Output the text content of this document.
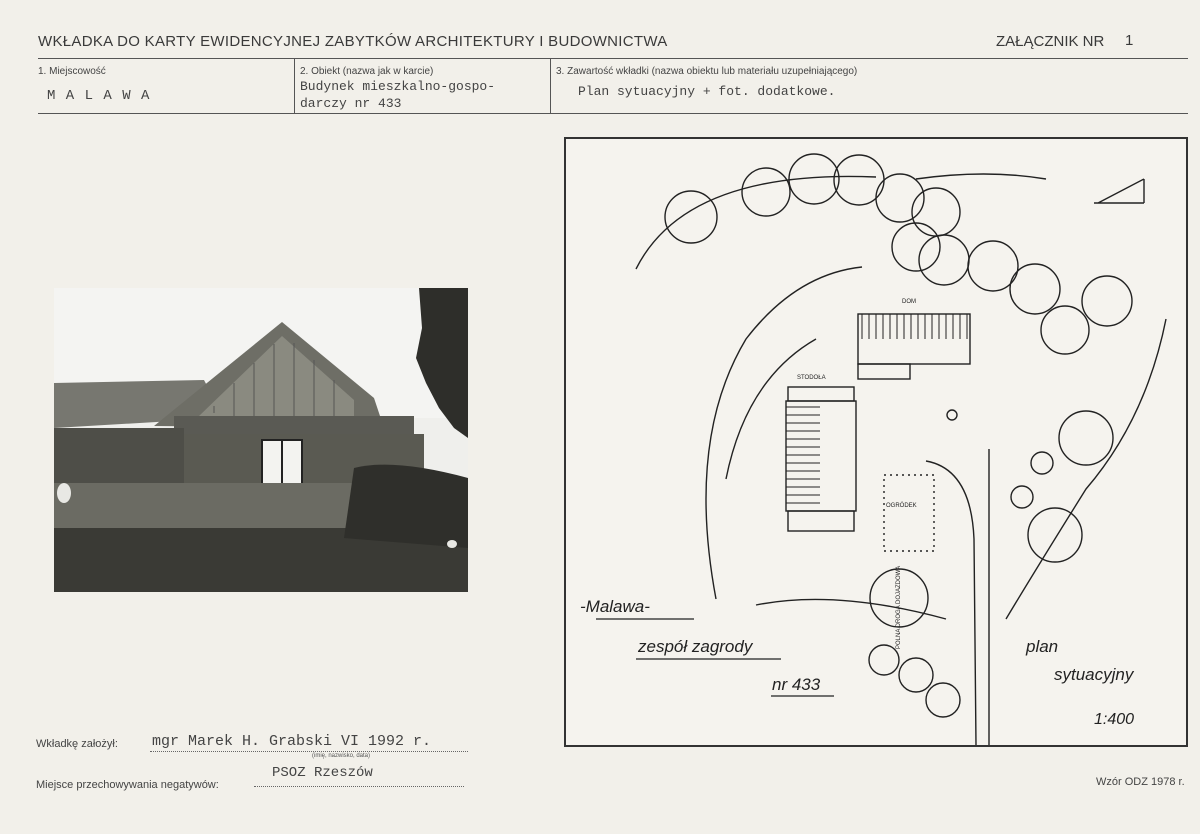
WKŁADKA DO KARTY EWIDENCYJNEJ ZABYTKÓW ARCHITEKTURY I BUDOWNICTWA	ZAŁĄCZNIK NR 1
1. Miejscowość
M A L A W A
2. Obiekt (nazwa jak w karcie)
Budynek mieszkalno-gospo-
darczy nr 433
3. Zawartość wkładki (nazwa obiektu lub materiału uzupełniającego)
Plan sytuacyjny + fot. dodatkowe.
-Malawa-
zespół zagrody
nr 433
plan
sytuacyjny
1:400
DOM
STODOŁA
OGRÓDEK
POLNA DROGA DOJAZDOWA
Wkładkę założył: mgr Marek H. Grabski VI 1992 r.
(imię, nazwisko, data)
Miejsce przechowywania negatywów:
PSOZ Rzeszów
Wzór ODZ 1978 r.
